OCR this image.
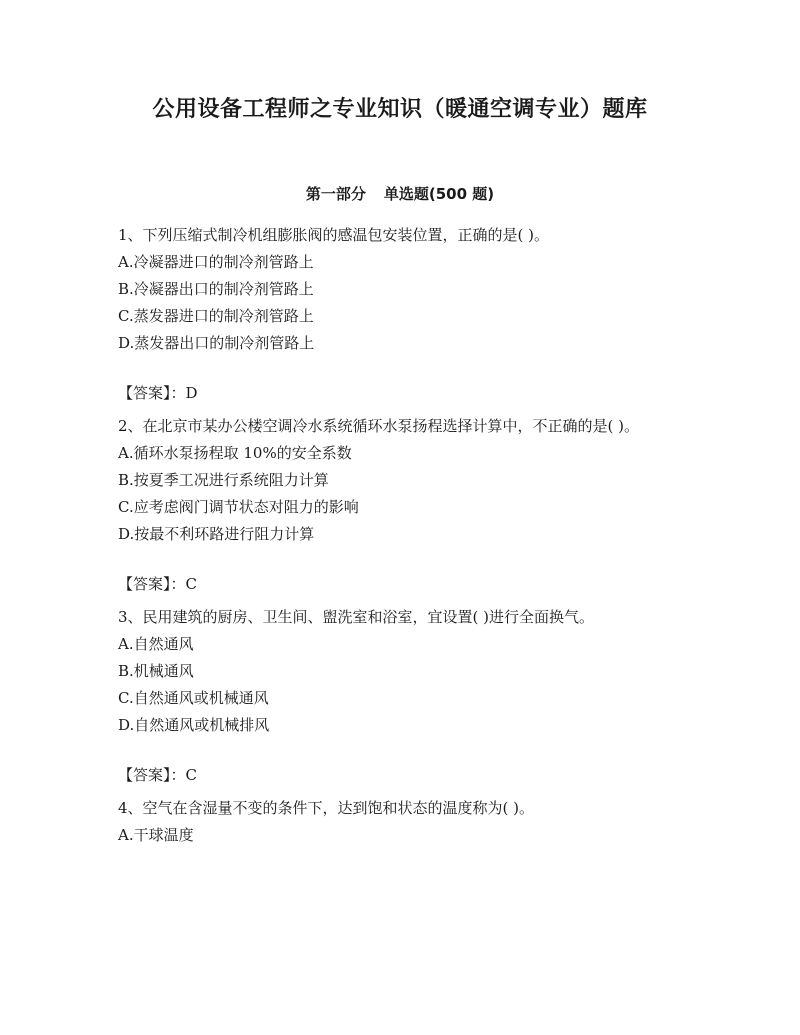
公用设备工程师之专业知识（暖通空调专业）题库
第一部分 单选题(500 题)

1、下列压缩式制冷机组膨胀阀的感温包安装位置，正确的是( )。

A.冷凝器进口的制冷剂管路上

B.冷凝器出口的制冷剂管路上

C.蒸发器进口的制冷剂管路上

D.蒸发器出口的制冷剂管路上

【答案】：D

2、在北京市某办公楼空调冷水系统循环水泵扬程选择计算中，不正确的是( )。

A.循环水泵扬程取 10%的安全系数

B.按夏季工况进行系统阻力计算

C.应考虑阀门调节状态对阻力的影响

D.按最不利环路进行阻力计算

【答案】：C

3、民用建筑的厨房、卫生间、盥洗室和浴室，宜设置( )进行全面换气。

A.自然通风

B.机械通风

C.自然通风或机械通风

D.自然通风或机械排风

【答案】：C

4、空气在含湿量不变的条件下，达到饱和状态的温度称为( )。

A.干球温度
